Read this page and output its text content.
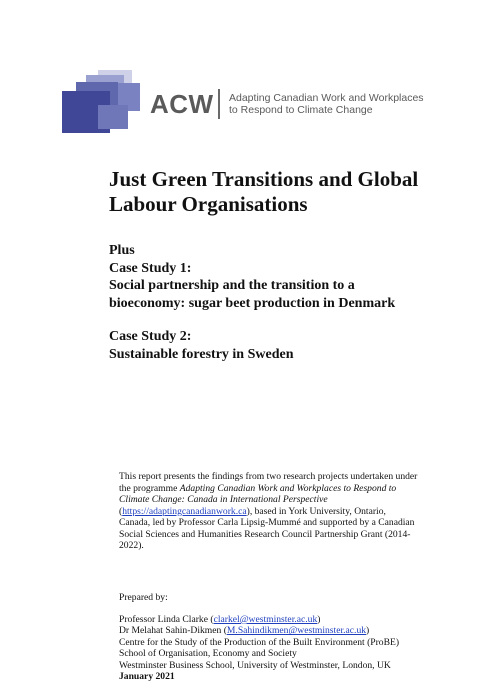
ACW Adapting Canadian Work and Workplaces
to Respond to Climate Change
Just Green Transitions and Global
Labour Organisations

Plus

Case Study 1:

Social partnership and the transition to a

bioeconomy: sugar beet production in Denmark

Case Study 2:

Sustainable forestry in Sweden

This report presents the findings from two research projects undertaken under the programme Adapting Canadian Work and Workplaces to Respond to Climate Change: Canada in International Perspective (https://adaptingcanadianwork.ca), based in York University, Ontario, Canada, led by Professor Carla Lipsig-Mummé and supported by a Canadian Social Sciences and Humanities Research Council Partnership Grant (2014-2022).

Prepared by:

Professor Linda Clarke (clarkel@westminster.ac.uk)
Dr Melahat Sahin-Dikmen (M.Sahindikmen@westminster.ac.uk)
Centre for the Study of the Production of the Built Environment (ProBE)
School of Organisation, Economy and Society
Westminster Business School, University of Westminster, London, UK
January 2021
